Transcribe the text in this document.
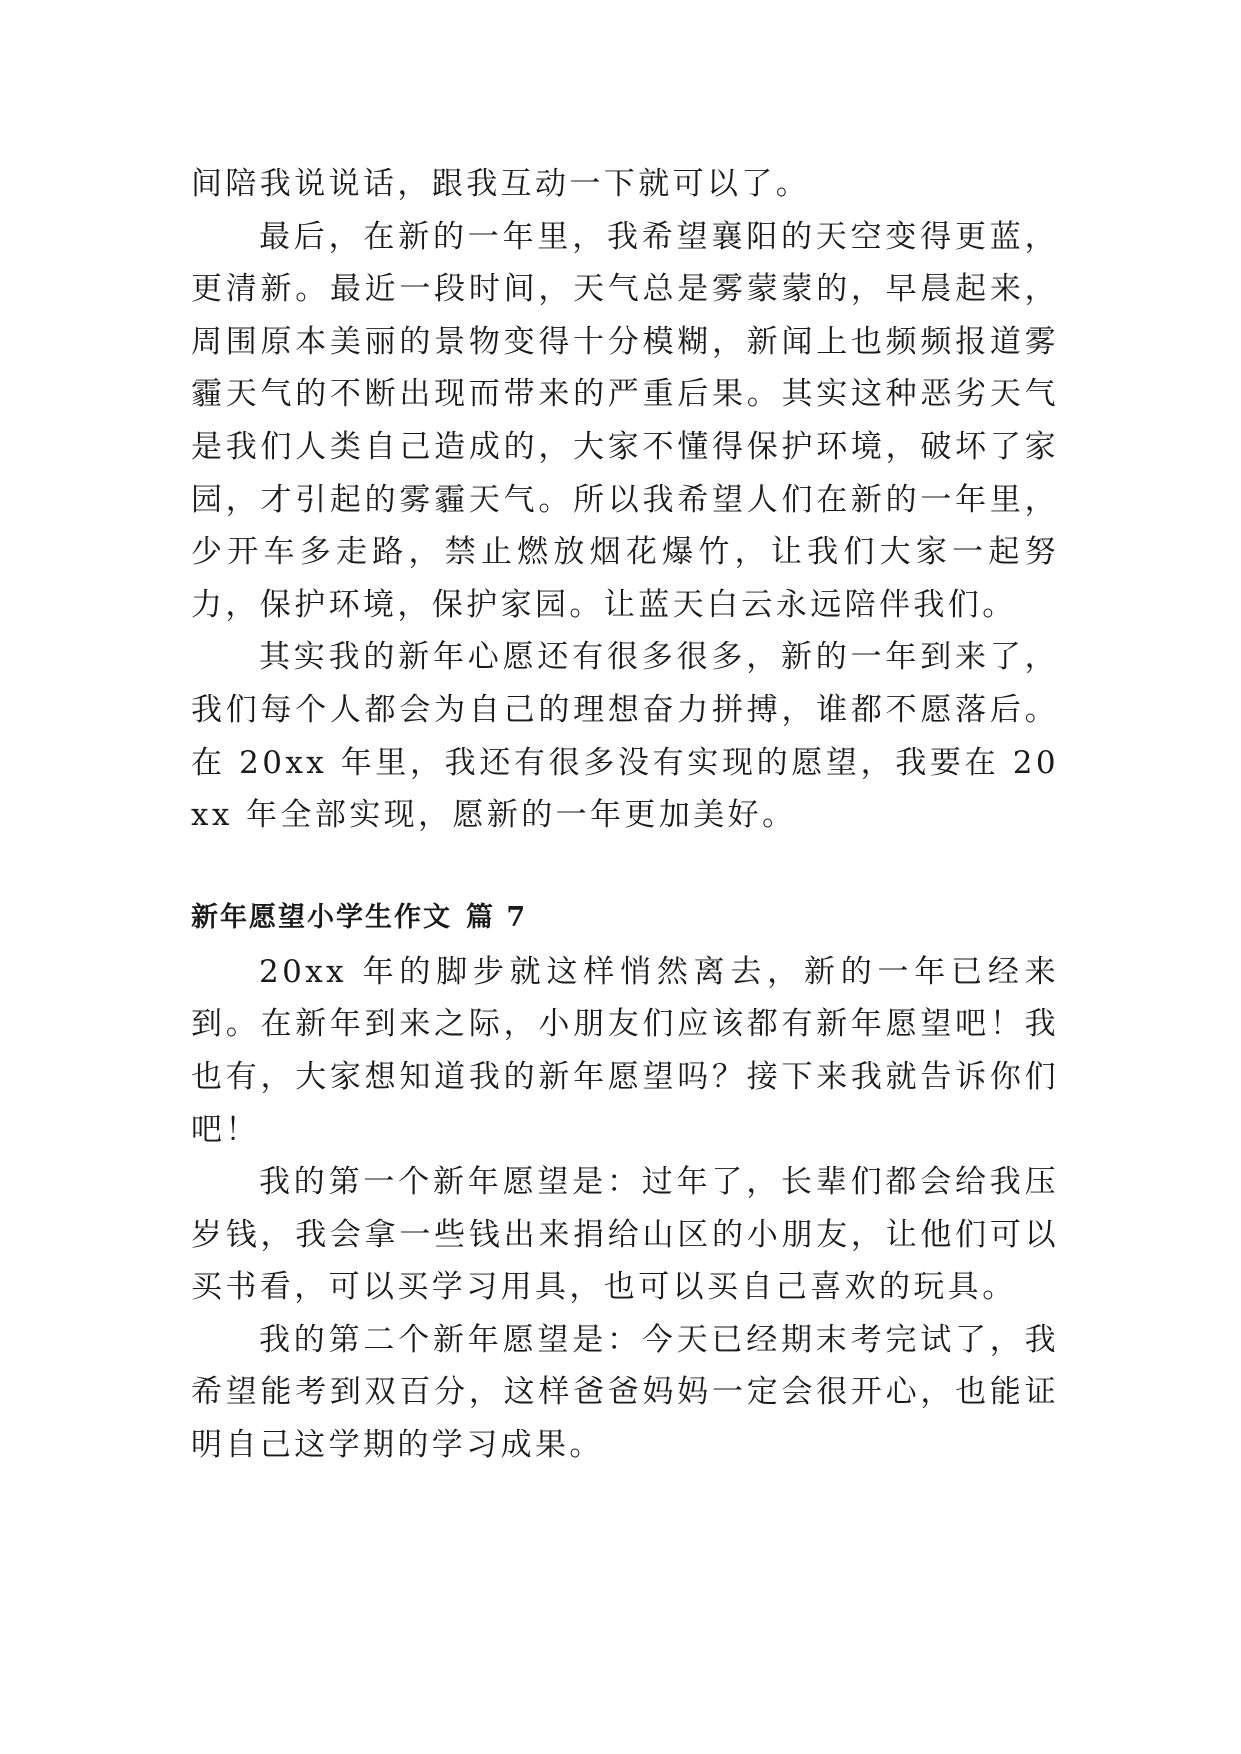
间陪我说说话，跟我互动一下就可以了。

最后，在新的一年里，我希望襄阳的天空变得更蓝，更清新。最近一段时间，天气总是雾蒙蒙的，早晨起来，周围原本美丽的景物变得十分模糊，新闻上也频频报道雾霾天气的不断出现而带来的严重后果。其实这种恶劣天气是我们人类自己造成的，大家不懂得保护环境，破坏了家园，才引起的雾霾天气。所以我希望人们在新的一年里，少开车多走路，禁止燃放烟花爆竹，让我们大家一起努力，保护环境，保护家园。让蓝天白云永远陪伴我们。

其实我的新年心愿还有很多很多，新的一年到来了，我们每个人都会为自己的理想奋力拼搏，谁都不愿落后。在 20xx 年里，我还有很多没有实现的愿望，我要在 20xx 年全部实现，愿新的一年更加美好。

新年愿望小学生作文 篇 7

20xx 年的脚步就这样悄然离去，新的一年已经来到。在新年到来之际，小朋友们应该都有新年愿望吧！我也有，大家想知道我的新年愿望吗？接下来我就告诉你们吧！

我的第一个新年愿望是：过年了，长辈们都会给我压岁钱，我会拿一些钱出来捐给山区的小朋友，让他们可以买书看，可以买学习用具，也可以买自己喜欢的玩具。

我的第二个新年愿望是：今天已经期末考完试了，我希望能考到双百分，这样爸爸妈妈一定会很开心，也能证明自己这学期的学习成果。
